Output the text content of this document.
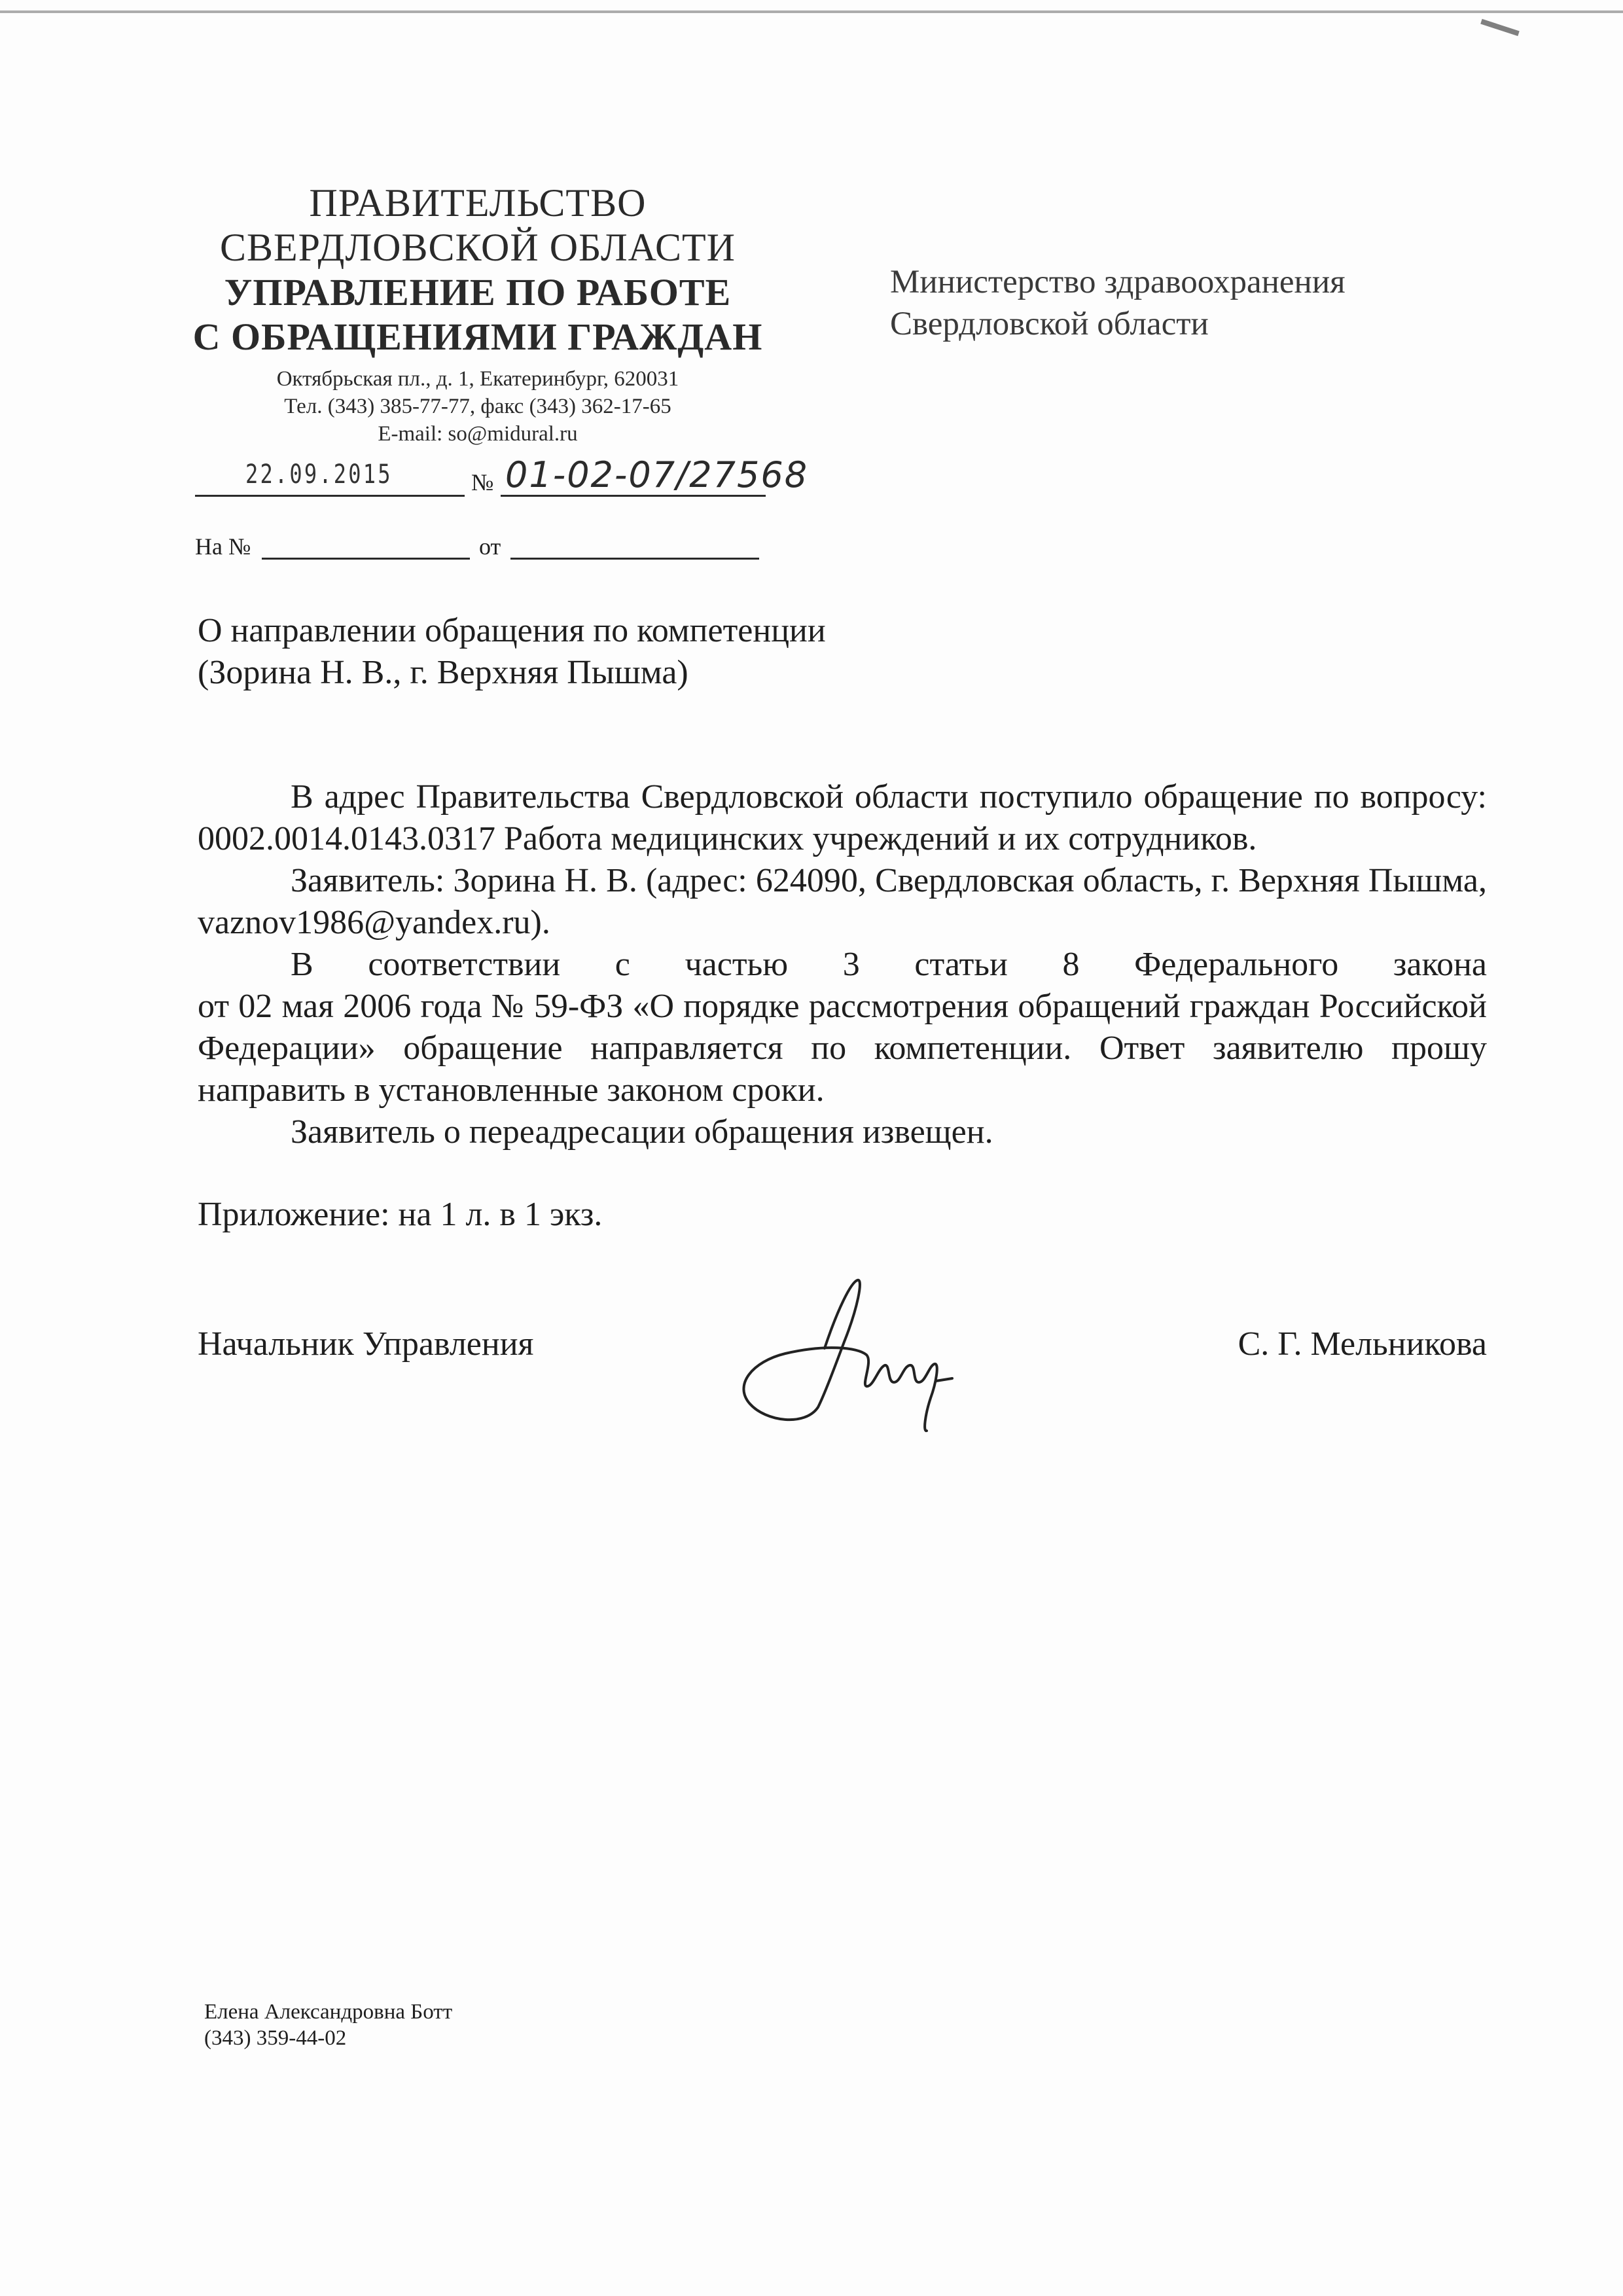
ПРАВИТЕЛЬСТВО
СВЕРДЛОВСКОЙ ОБЛАСТИ
УПРАВЛЕНИЕ ПО РАБОТЕ
С ОБРАЩЕНИЯМИ ГРАЖДАН
Октябрьская пл., д. 1, Екатеринбург, 620031
Тел. (343) 385-77-77, факс (343) 362-17-65
E-mail: so@midural.ru
Министерство здравоохранения
Свердловской области
22.09.2015	№ 01-02-07/27568
На №	от
О направлении обращения по компетенции
(Зорина Н. В., г. Верхняя Пышма)

В адрес Правительства Свердловской области поступило обращение по вопросу: 0002.0014.0143.0317 Работа медицинских учреждений и их сотрудников.

Заявитель: Зорина Н. В. (адрес: 624090, Свердловская область, г. Верхняя Пышма, vaznov1986@yandex.ru).

В соответствии с частью 3 статьи 8 Федерального закона

от 02 мая 2006 года № 59-ФЗ «О порядке рассмотрения обращений граждан Российской Федерации» обращение направляется по компетенции. Ответ заявителю прошу направить в установленные законом сроки.

Заявитель о переадресации обращения извещен.

Приложение: на 1 л. в 1 экз.
Начальник Управления	С. Г. Мельникова
Елена Александровна Ботт
(343) 359-44-02
